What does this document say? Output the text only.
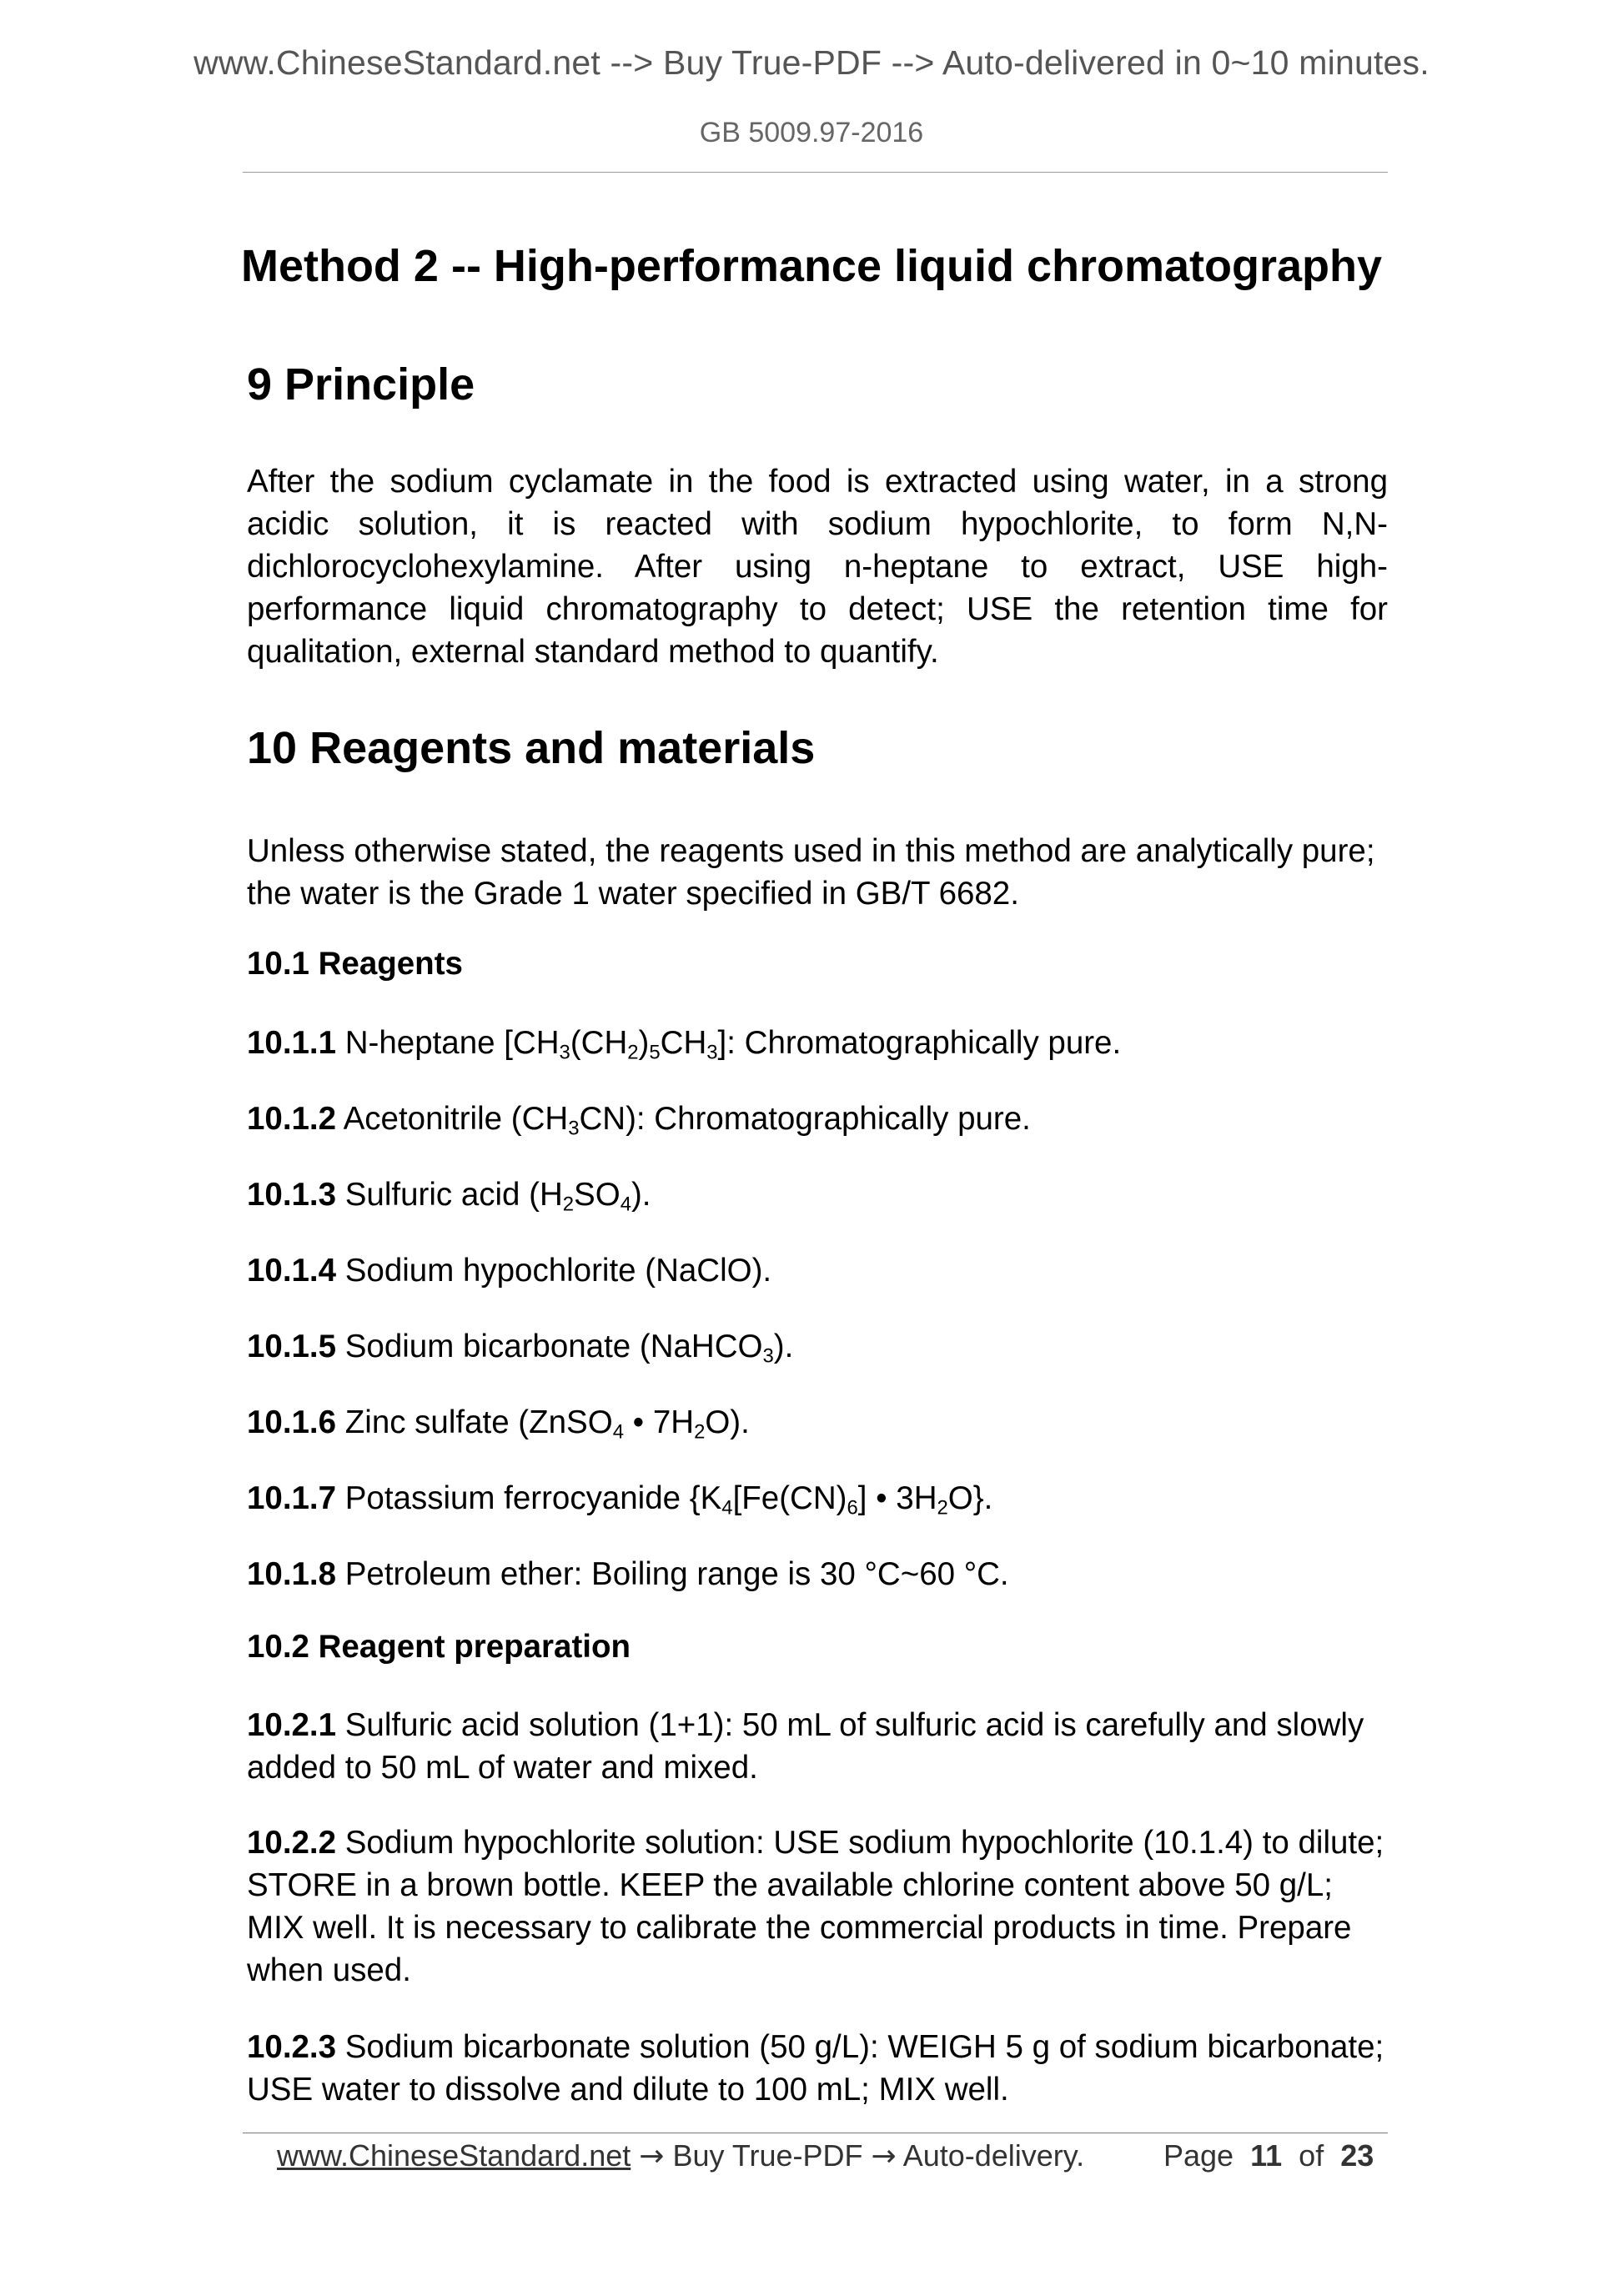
www.ChineseStandard.net --> Buy True-PDF --> Auto-delivered in 0~10 minutes.
GB 5009.97-2016
Method 2 -- High-performance liquid chromatography
9 Principle

After the sodium cyclamate in the food is extracted using water, in a strong acidic solution, it is reacted with sodium hypochlorite, to form N,N-dichlorocyclohexylamine. After using n-heptane to extract, USE high-performance liquid chromatography to detect; USE the retention time for qualitation, external standard method to quantify.

10 Reagents and materials

Unless otherwise stated, the reagents used in this method are analytically pure; the water is the Grade 1 water specified in GB/T 6682.

10.1 Reagents

10.1.1 N-heptane $[CH_3(CH_2)_5CH_3]$: Chromatographically pure.

10.1.2 Acetonitrile $(CH_3CN)$: Chromatographically pure.

10.1.3 Sulfuric acid $(H_2SO_4)$.

10.1.4 Sodium hypochlorite (NaClO).

10.1.5 Sodium bicarbonate (NaHCO$_3$).

10.1.6 Zinc sulfate (ZnSO$_4$ • $7H_2O$).

10.1.7 Potassium ferrocyanide {$K_4[Fe(CN)_6]$ • $3H_2O$}.

10.1.8 Petroleum ether: Boiling range is 30 °C~60 °C.

10.2 Reagent preparation

10.2.1 Sulfuric acid solution (1+1): 50 mL of sulfuric acid is carefully and slowly added to 50 mL of water and mixed.

10.2.2 Sodium hypochlorite solution: USE sodium hypochlorite (10.1.4) to dilute; STORE in a brown bottle. KEEP the available chlorine content above 50 g/L; MIX well. It is necessary to calibrate the commercial products in time. Prepare when used.

10.2.3 Sodium bicarbonate solution (50 g/L): WEIGH 5 g of sodium bicarbonate; USE water to dissolve and dilute to 100 mL; MIX well.

www.ChineseStandard.net → Buy True-PDF → Auto-delivery.	Page 11 of 23
